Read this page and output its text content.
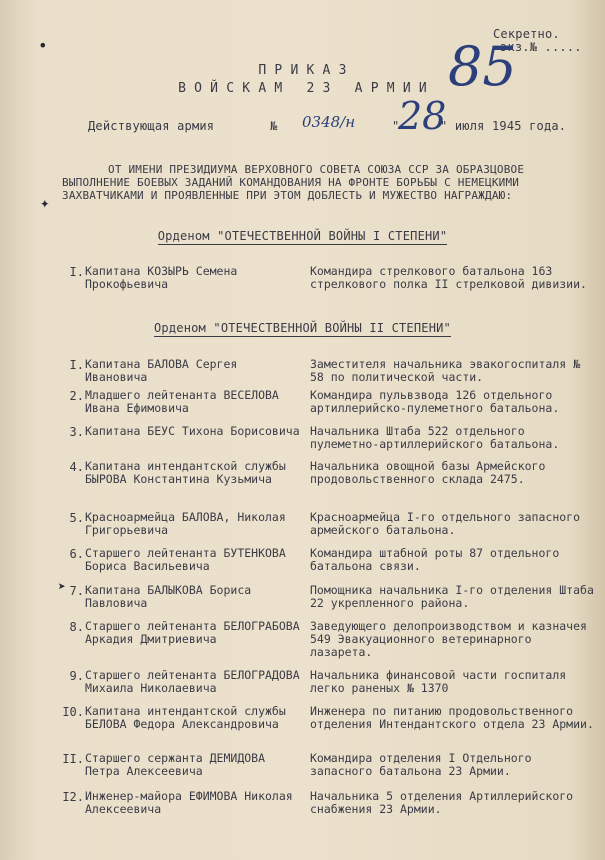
•
✦
➤
Секретно.
экз.№ .....
85
П Р И К А З
В О Й С К А М   2 3   А Р М И И
Действующая армия	№ 0348/н	"
28
" июля 1945 года.
ОТ ИМЕНИ ПРЕЗИДИУМА ВЕРХОВНОГО СОВЕТА СОЮЗА ССР ЗА ОБРАЗЦОВОЕ
ВЫПОЛНЕНИЕ БОЕВЫХ ЗАДАНИЙ КОМАНДОВАНИЯ НА ФРОНТЕ БОРЬБЫ С НЕМЕЦКИМИ
ЗАХВАТЧИКАМИ И ПРОЯВЛЕННЫЕ ПРИ ЭТОМ ДОБЛЕСТЬ И МУЖЕСТВО НАГРАЖДАЮ:
Орденом "ОТЕЧЕСТВЕННОЙ ВОЙНЫ I СТЕПЕНИ"
I. Капитана КОЗЫРЬ Семена Прокофьевича
Командира стрелкового батальона 163 стрелкового полка II стрелковой дивизии.
Орденом "ОТЕЧЕСТВЕННОЙ ВОЙНЫ II СТЕПЕНИ"
I. Капитана БАЛОВА Сергея Ивановича
Заместителя начальника эвакогоспиталя № 58 по политической части.
2. Младшего лейтенанта ВЕСЕЛОВА Ивана Ефимовича
Командира пульвзвода 126 отдельного артиллерийско-пулеметного батальона.
3. Капитана БЕУС Тихона Борисовича Начальника Штаба 522 отдельного пулеметно-артиллерийского батальона.
4. Капитана интендантской службы БЫРОВА Константина Кузьмича
Начальника овощной базы Армейского продовольственного склада 2475.
5. Красноармейца БАЛОВА, Николая Григорьевича
Красноармейца I-го отдельного запасного армейского батальона.
6. Старшего лейтенанта БУТЕНКОВА Бориса Васильевича
Командира штабной роты 87 отдельного батальона связи.
7. Капитана БАЛЫКОВА Бориса Павловича
Помощника начальника I-го отделения Штаба 22 укрепленного района.
8. Старшего лейтенанта БЕЛОГРАБОВА Аркадия Дмитриевича
Заведующего делопроизводством и казначея 549 Эвакуационного ветеринарного лазарета.
9. Старшего лейтенанта БЕЛОГРАДОВА Михаила Николаевича
Начальника финансовой части госпиталя легко раненых № 1370
I0. Капитана интендантской службы БЕЛОВА Федора Александровича
Инженера по питанию продовольственного отделения Интендантского отдела 23 Армии.
II. Старшего сержанта ДЕМИДОВА Петра Алексеевича
Командира отделения I Отдельного запасного батальона 23 Армии.
I2. Инженер-майора ЕФИМОВА Николая Алексеевича
Начальника 5 отделения Артиллерийского снабжения 23 Армии.
